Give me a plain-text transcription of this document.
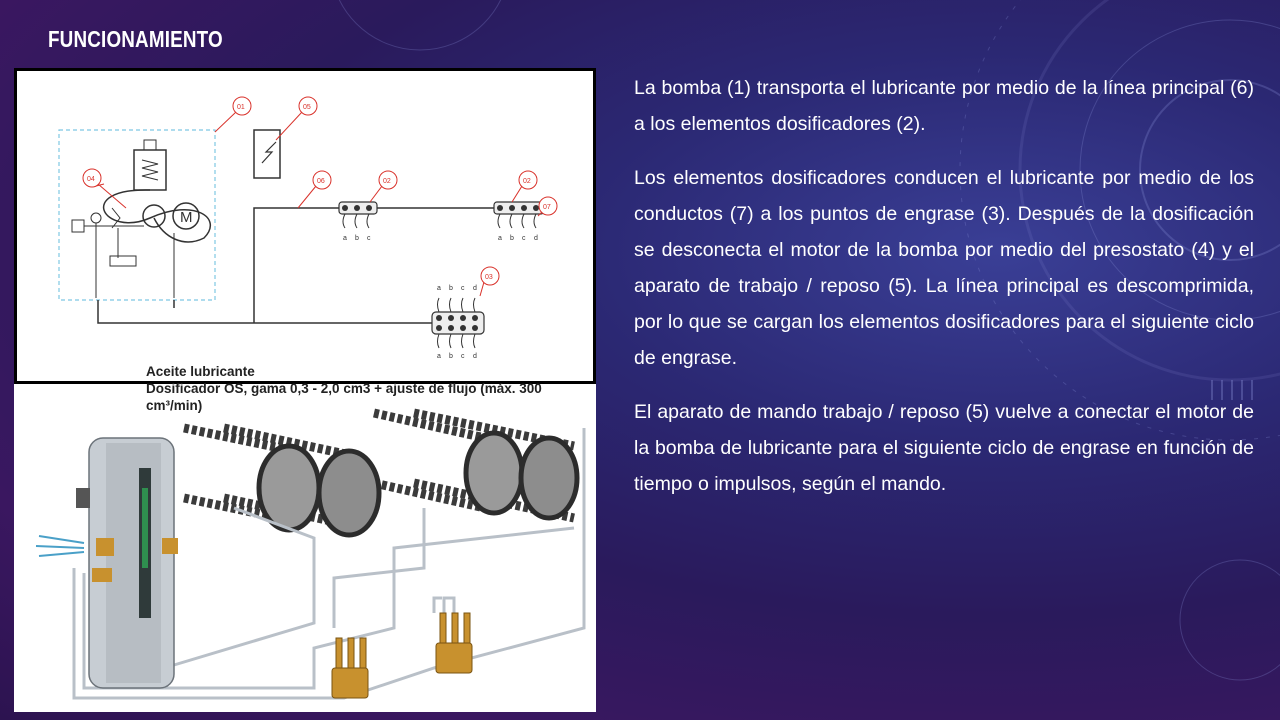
FUNCIONAMIENTO
M
a b c	a b c d
a b c d
a b c d
01	05
04	06	02	02
07
03
Aceite lubricante
Dosificador OS, gama 0,3 - 2,0 cm3 + ajuste de flujo (máx. 300 cm³/min)

La bomba (1) transporta el lubricante por medio de la línea principal (6) a los elementos dosificadores (2).

Los elementos dosificadores conducen el lubricante por medio de los conductos (7) a los puntos de engrase (3). Después de la dosificación se desconecta el motor de la bomba por medio del presostato (4) y el aparato de trabajo / reposo (5). La línea principal es descomprimida, por lo que se cargan los elementos dosificadores para el siguiente ciclo de engrase.

El aparato de mando trabajo / reposo (5) vuelve a conectar el motor de la bomba de lubricante para el siguiente ciclo de engrase en función de tiempo o impulsos, según el mando.
